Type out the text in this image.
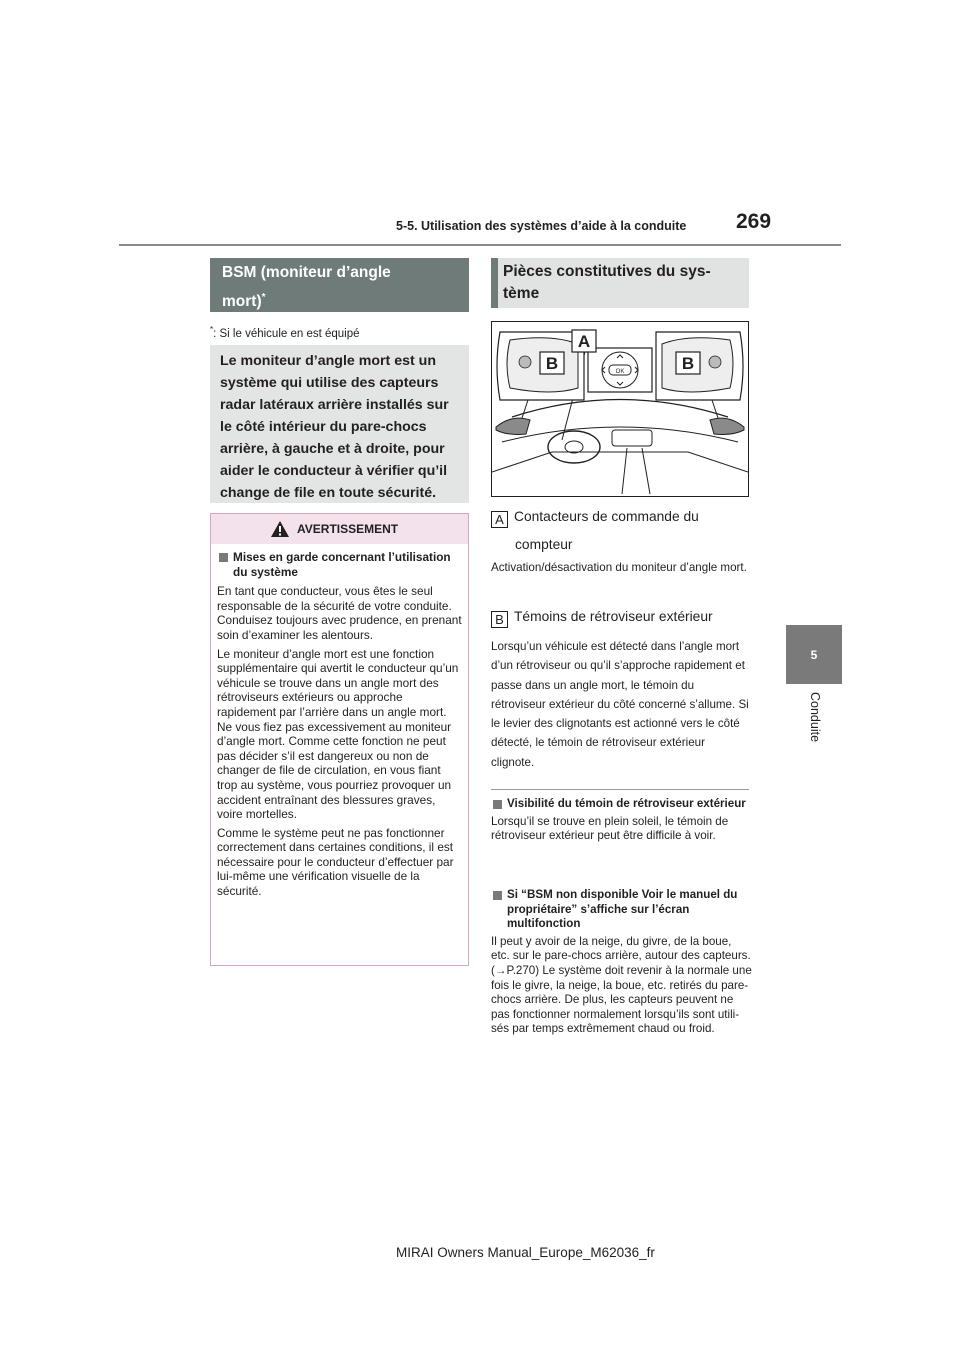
5-5. Utilisation des systèmes d’aide à la conduite 269
5
Conduite
BSM (moniteur d’angle
mort)*
*: Si le véhicule en est équipé
Le moniteur d’angle mort est un système qui utilise des capteurs radar latéraux arrière installés sur le côté intérieur du pare-chocs arrière, à gauche et à droite, pour aider le conducteur à vérifier qu’il change de file en toute sécurité.
AVERTISSEMENT
Mises en garde concernant l’utilisation du système

En tant que conducteur, vous êtes le seul responsable de la sécurité de votre conduite. Conduisez toujours avec prudence, en prenant soin d’examiner les alentours.

Le moniteur d’angle mort est une fonction supplémentaire qui avertit le conducteur qu’un véhicule se trouve dans un angle mort des rétroviseurs extérieurs ou approche rapidement par l’arrière dans un angle mort. Ne vous fiez pas excessivement au moniteur d’angle mort. Comme cette fonction ne peut pas décider s’il est dangereux ou non de changer de file de circulation, en vous fiant trop au système, vous pourriez provoquer un accident entraînant des blessures graves, voire mortelles.

Comme le système peut ne pas fonctionner correctement dans certaines conditions, il est nécessaire pour le conducteur d’effectuer par lui-même une vérification visuelle de la sécurité.

Pièces constitutives du système
B	B
OK
A
A Contacteurs de commande du
compteur
Activation/désactivation du moniteur d’angle mort.
B Témoins de rétroviseur extérieur
Lorsqu’un véhicule est détecté dans l’angle mort d’un rétroviseur ou qu’il s’approche rapidement et passe dans un angle mort, le témoin du rétroviseur extérieur du côté concerné s’allume. Si le levier des clignotants est actionné vers le côté détecté, le témoin de rétroviseur extérieur clignote.
Visibilité du témoin de rétroviseur extérieur
Lorsqu’il se trouve en plein soleil, le témoin de rétroviseur extérieur peut être difficile à voir.
Si “BSM non disponible Voir le manuel du propriétaire” s’affiche sur l’écran multifonction
Il peut y avoir de la neige, du givre, de la boue, etc. sur le pare-chocs arrière, autour des capteurs. (→P.270) Le système doit revenir à la normale une fois le givre, la neige, la boue, etc. retirés du pare-chocs arrière. De plus, les capteurs peuvent ne pas fonctionner normalement lorsqu’ils sont utilisés par temps extrêmement chaud ou froid.
MIRAI Owners Manual_Europe_M62036_fr
